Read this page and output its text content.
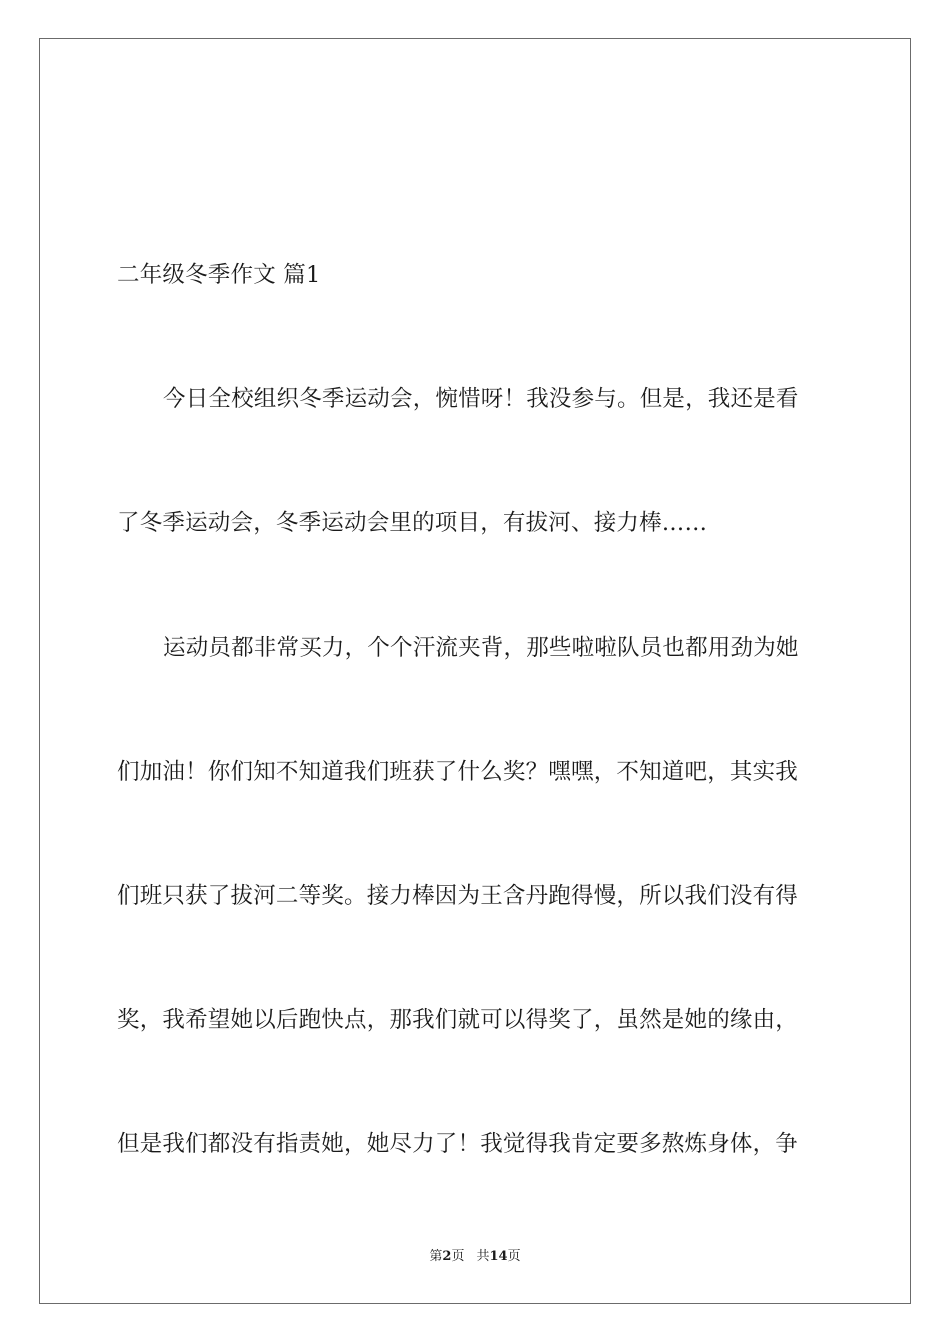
二年级冬季作文 篇1
今日全校组织冬季运动会，惋惜呀！我没参与。但是，我还是看
了冬季运动会，冬季运动会里的项目，有拔河、接力棒……
运动员都非常买力，个个汗流夹背，那些啦啦队员也都用劲为她
们加油！你们知不知道我们班获了什么奖？嘿嘿，不知道吧，其实我
们班只获了拔河二等奖。接力棒因为王含丹跑得慢，所以我们没有得
奖，我希望她以后跑快点，那我们就可以得奖了，虽然是她的缘由，
但是我们都没有指责她，她尽力了！我觉得我肯定要多熬炼身体，争
第2页 共14页
